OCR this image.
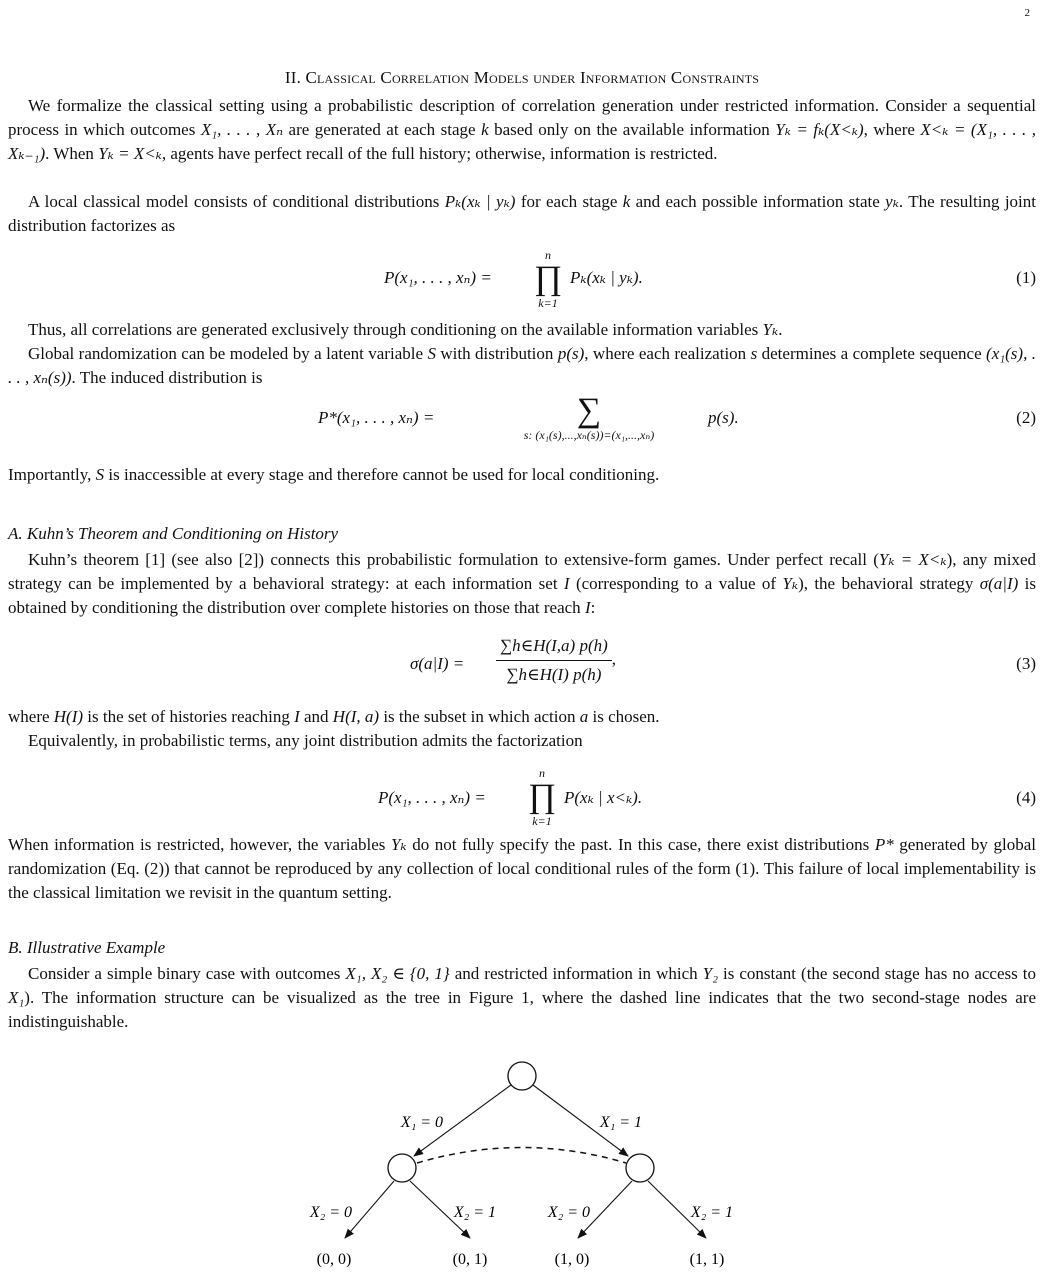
2
II. Classical Correlation Models under Information Constraints
We formalize the classical setting using a probabilistic description of correlation generation under restricted information. Consider a sequential process in which outcomes X₁, . . . , Xₙ are generated at each stage k based only on the available information Yₖ = fₖ(X<ₖ), where X<ₖ = (X₁, . . . , Xₖ₋₁). When Yₖ = X<ₖ, agents have perfect recall of the full history; otherwise, information is restricted.
A local classical model consists of conditional distributions Pₖ(xₖ | yₖ) for each stage k and each possible information state yₖ. The resulting joint distribution factorizes as
P(x₁, . . . , xₙ) =
n
∏
k=1
Pₖ(xₖ | yₖ).	(1)
Thus, all correlations are generated exclusively through conditioning on the available information variables Yₖ.
Global randomization can be modeled by a latent variable S with distribution p(s), where each realization s determines a complete sequence (x₁(s), . . . , xₙ(s)). The induced distribution is
P*(x₁, . . . , xₙ) =	∑
s: (x₁(s),...,xₙ(s))=(x₁,...,xₙ)
p(s).	(2)
Importantly, S is inaccessible at every stage and therefore cannot be used for local conditioning.
A. Kuhn’s Theorem and Conditioning on History
Kuhn’s theorem [1] (see also [2]) connects this probabilistic formulation to extensive-form games. Under perfect recall (Yₖ = X<ₖ), any mixed strategy can be implemented by a behavioral strategy: at each information set I (corresponding to a value of Yₖ), the behavioral strategy σ(a|I) is obtained by conditioning the distribution over complete histories on those that reach I:
$\sigma(a|I) = \frac{\sum h\in H(I,a) p(h)}{\sum h\in H(I) p(h)}$ ,	(3)
where H(I) is the set of histories reaching I and H(I, a) is the subset in which action a is chosen.
Equivalently, in probabilistic terms, any joint distribution admits the factorization
P(x₁, . . . , xₙ) =
n
∏
k=1
P(xₖ | x<ₖ).	(4)
When information is restricted, however, the variables Yₖ do not fully specify the past. In this case, there exist distributions P* generated by global randomization (Eq. (2)) that cannot be reproduced by any collection of local conditional rules of the form (1). This failure of local implementability is the classical limitation we revisit in the quantum setting.
B. Illustrative Example
Consider a simple binary case with outcomes X₁, X₂ ∈ {0, 1} and restricted information in which Y₂ is constant (the second stage has no access to X₁). The information structure can be visualized as the tree in Figure 1, where the dashed line indicates that the two second-stage nodes are indistinguishable.
X₁ = 0	X₁ = 1
X₂ = 0	X₂ = 1	X₂ = 0	X₂ = 1
(0, 0)	(0, 1)	(1, 0)	(1, 1)
